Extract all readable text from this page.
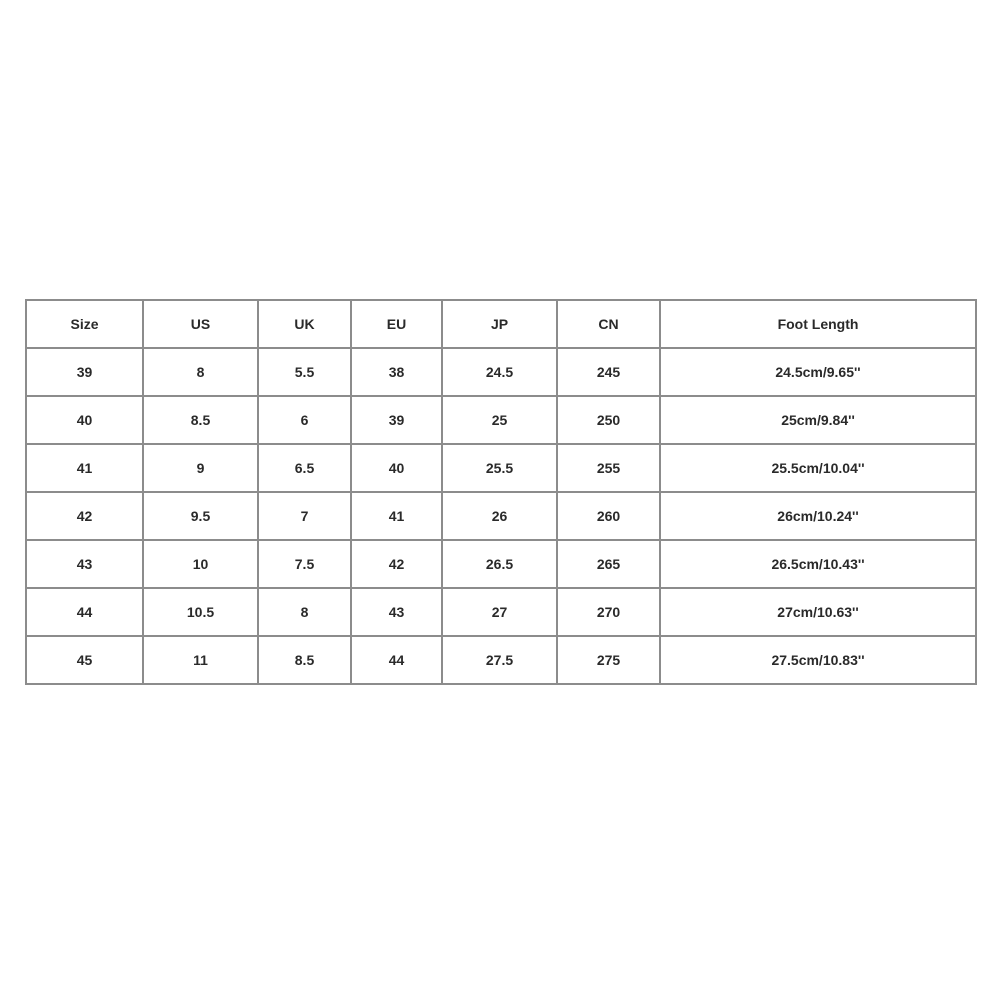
Size	US	UK	EU	JP	CN	Foot Length
39	8	5.5	38	24.5	245	24.5cm/9.65''
40	8.5	6	39	25	250	25cm/9.84''
41	9	6.5	40	25.5	255	25.5cm/10.04''
42	9.5	7	41	26	260	26cm/10.24''
43	10	7.5	42	26.5	265	26.5cm/10.43''
44	10.5	8	43	27	270	27cm/10.63''
45	11	8.5	44	27.5	275	27.5cm/10.83''
